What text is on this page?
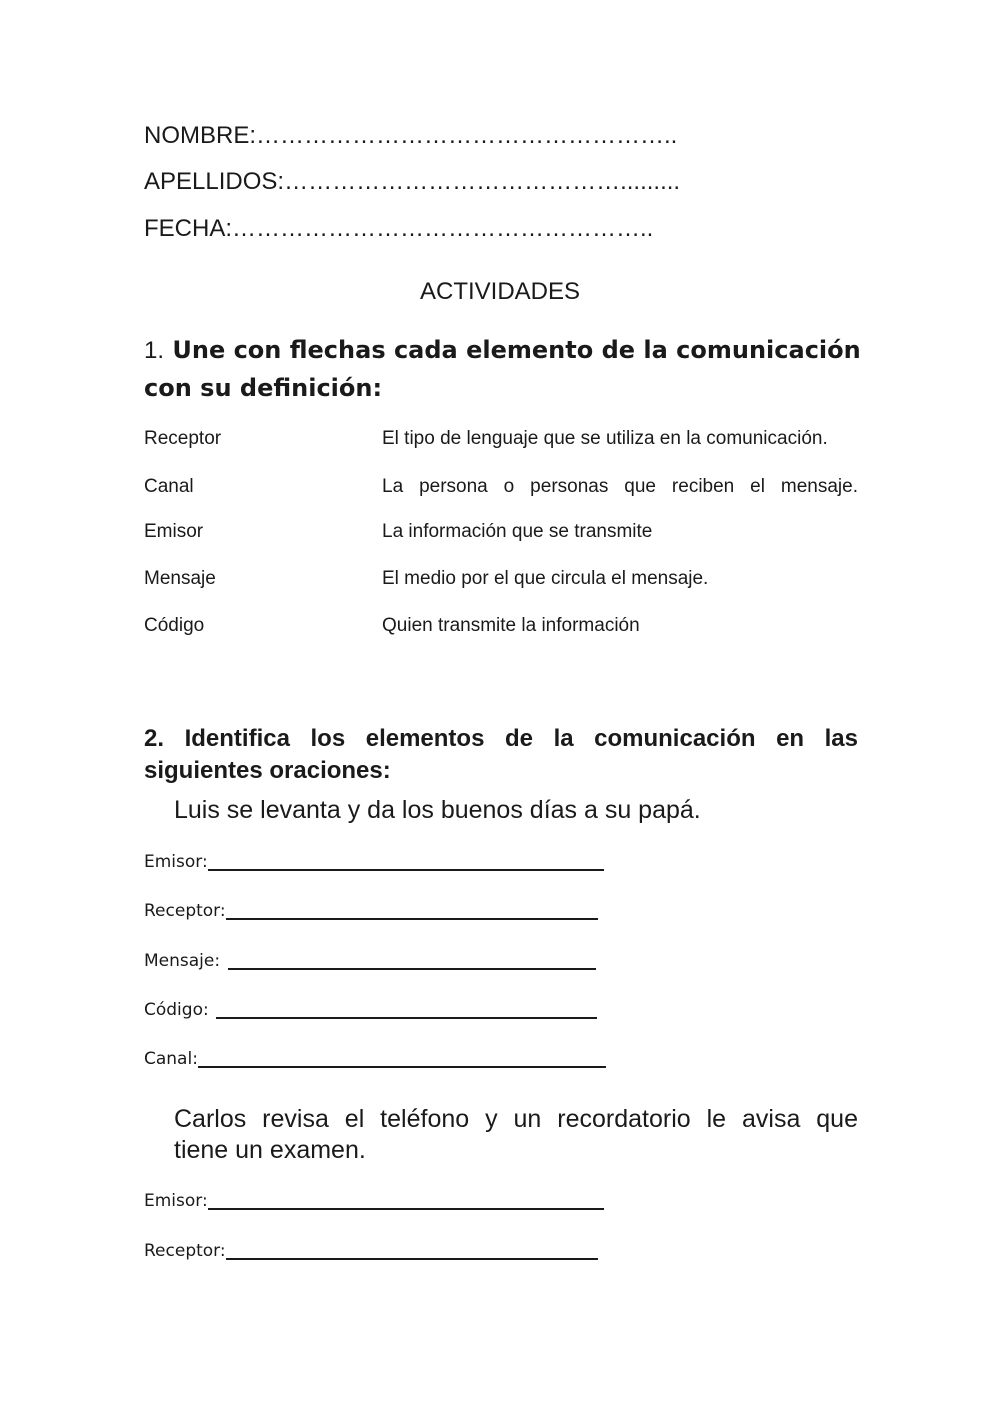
NOMBRE:……………………………………………..
APELLIDOS:…………………………………….........
FECHA:……………………………………………..
ACTIVIDADES
1. Une con flechas cada elemento de la comunicación
con su definición:
Receptor	El tipo de lenguaje que se utiliza en la comunicación.
Canal	La persona o personas que reciben el mensaje.
Emisor	La información que se transmite
Mensaje	El medio por el que circula el mensaje.
Código	Quien transmite la información
2. Identifica los elementos de la comunicación en las
siguientes oraciones:
Luis se levanta y da los buenos días a su papá.
Emisor:
Receptor:
Mensaje:
Código:
Canal:
Carlos revisa el teléfono y un recordatorio le avisa que
tiene un examen.
Emisor:
Receptor:
